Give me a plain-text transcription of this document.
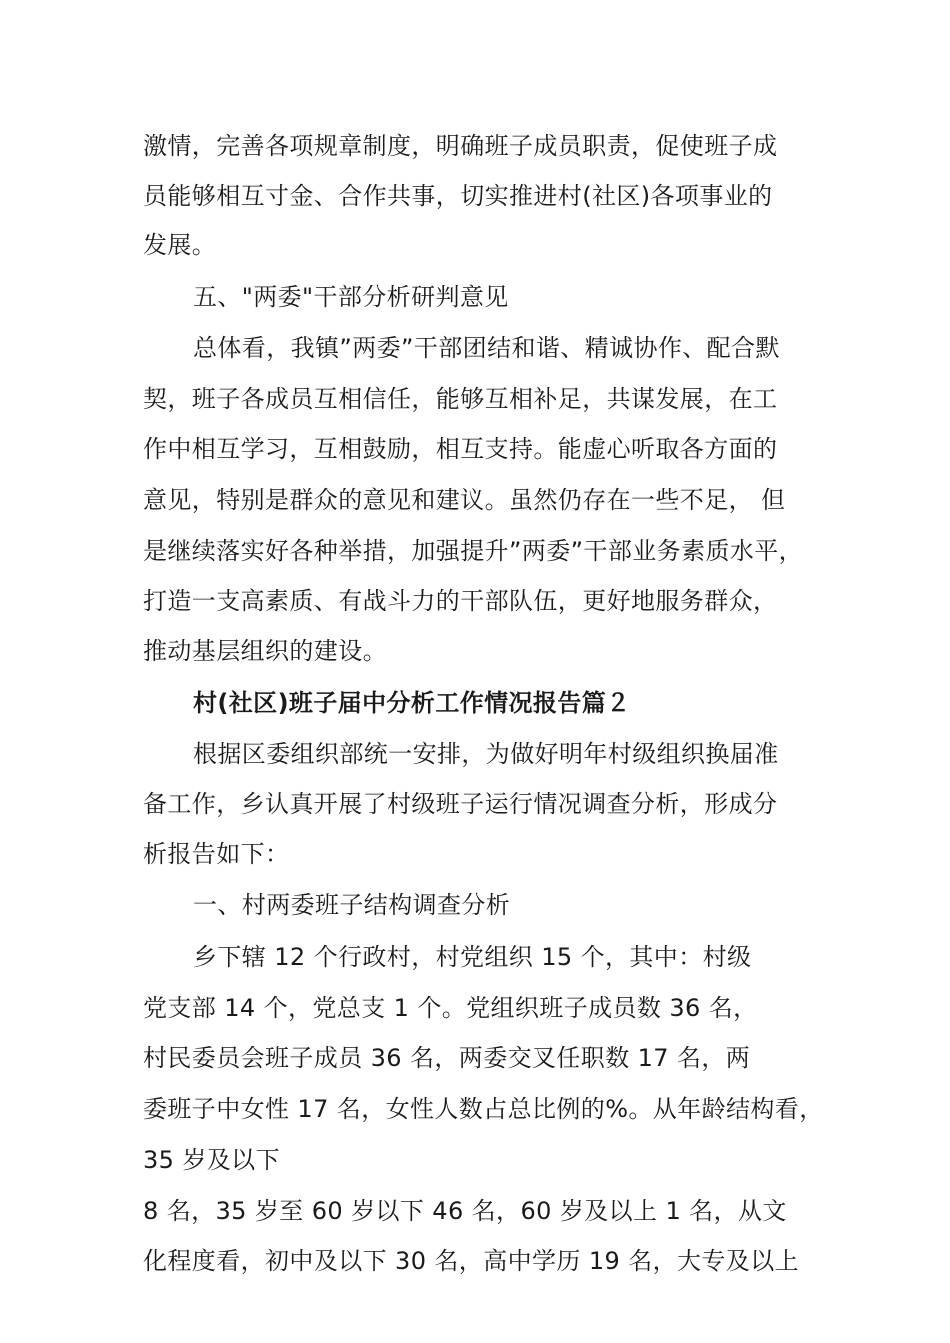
激情，完善各项规章制度，明确班子成员职责，促使班子成
员能够相互寸金、合作共事，切实推进村(社区)各项事业的
发展。
五、"两委"干部分析研判意见
总体看，我镇”两委”干部团结和谐、精诚协作、配合默
契，班子各成员互相信任，能够互相补足，共谋发展，在工
作中相互学习，互相鼓励，相互支持。能虚心听取各方面的
意见，特别是群众的意见和建议。虽然仍存在一些不足， 但
是继续落实好各种举措，加强提升”两委”干部业务素质水平，
打造一支高素质、有战斗力的干部队伍，更好地服务群众，
推动基层组织的建设。
村(社区)班子届中分析工作情况报告篇２
根据区委组织部统一安排，为做好明年村级组织换届准
备工作，乡认真开展了村级班子运行情况调查分析，形成分
析报告如下：
一、村两委班子结构调查分析
乡下辖 12 个行政村，村党组织 15 个，其中：村级
党支部 14 个，党总支 1 个。党组织班子成员数 36 名，
村民委员会班子成员 36 名，两委交叉任职数 17 名，两
委班子中女性 17 名，女性人数占总比例的%。从年龄结构看，
35 岁及以下
8 名，35 岁至 60 岁以下 46 名，60 岁及以上 1 名，从文
化程度看，初中及以下 30 名，高中学历 19 名，大专及以上
